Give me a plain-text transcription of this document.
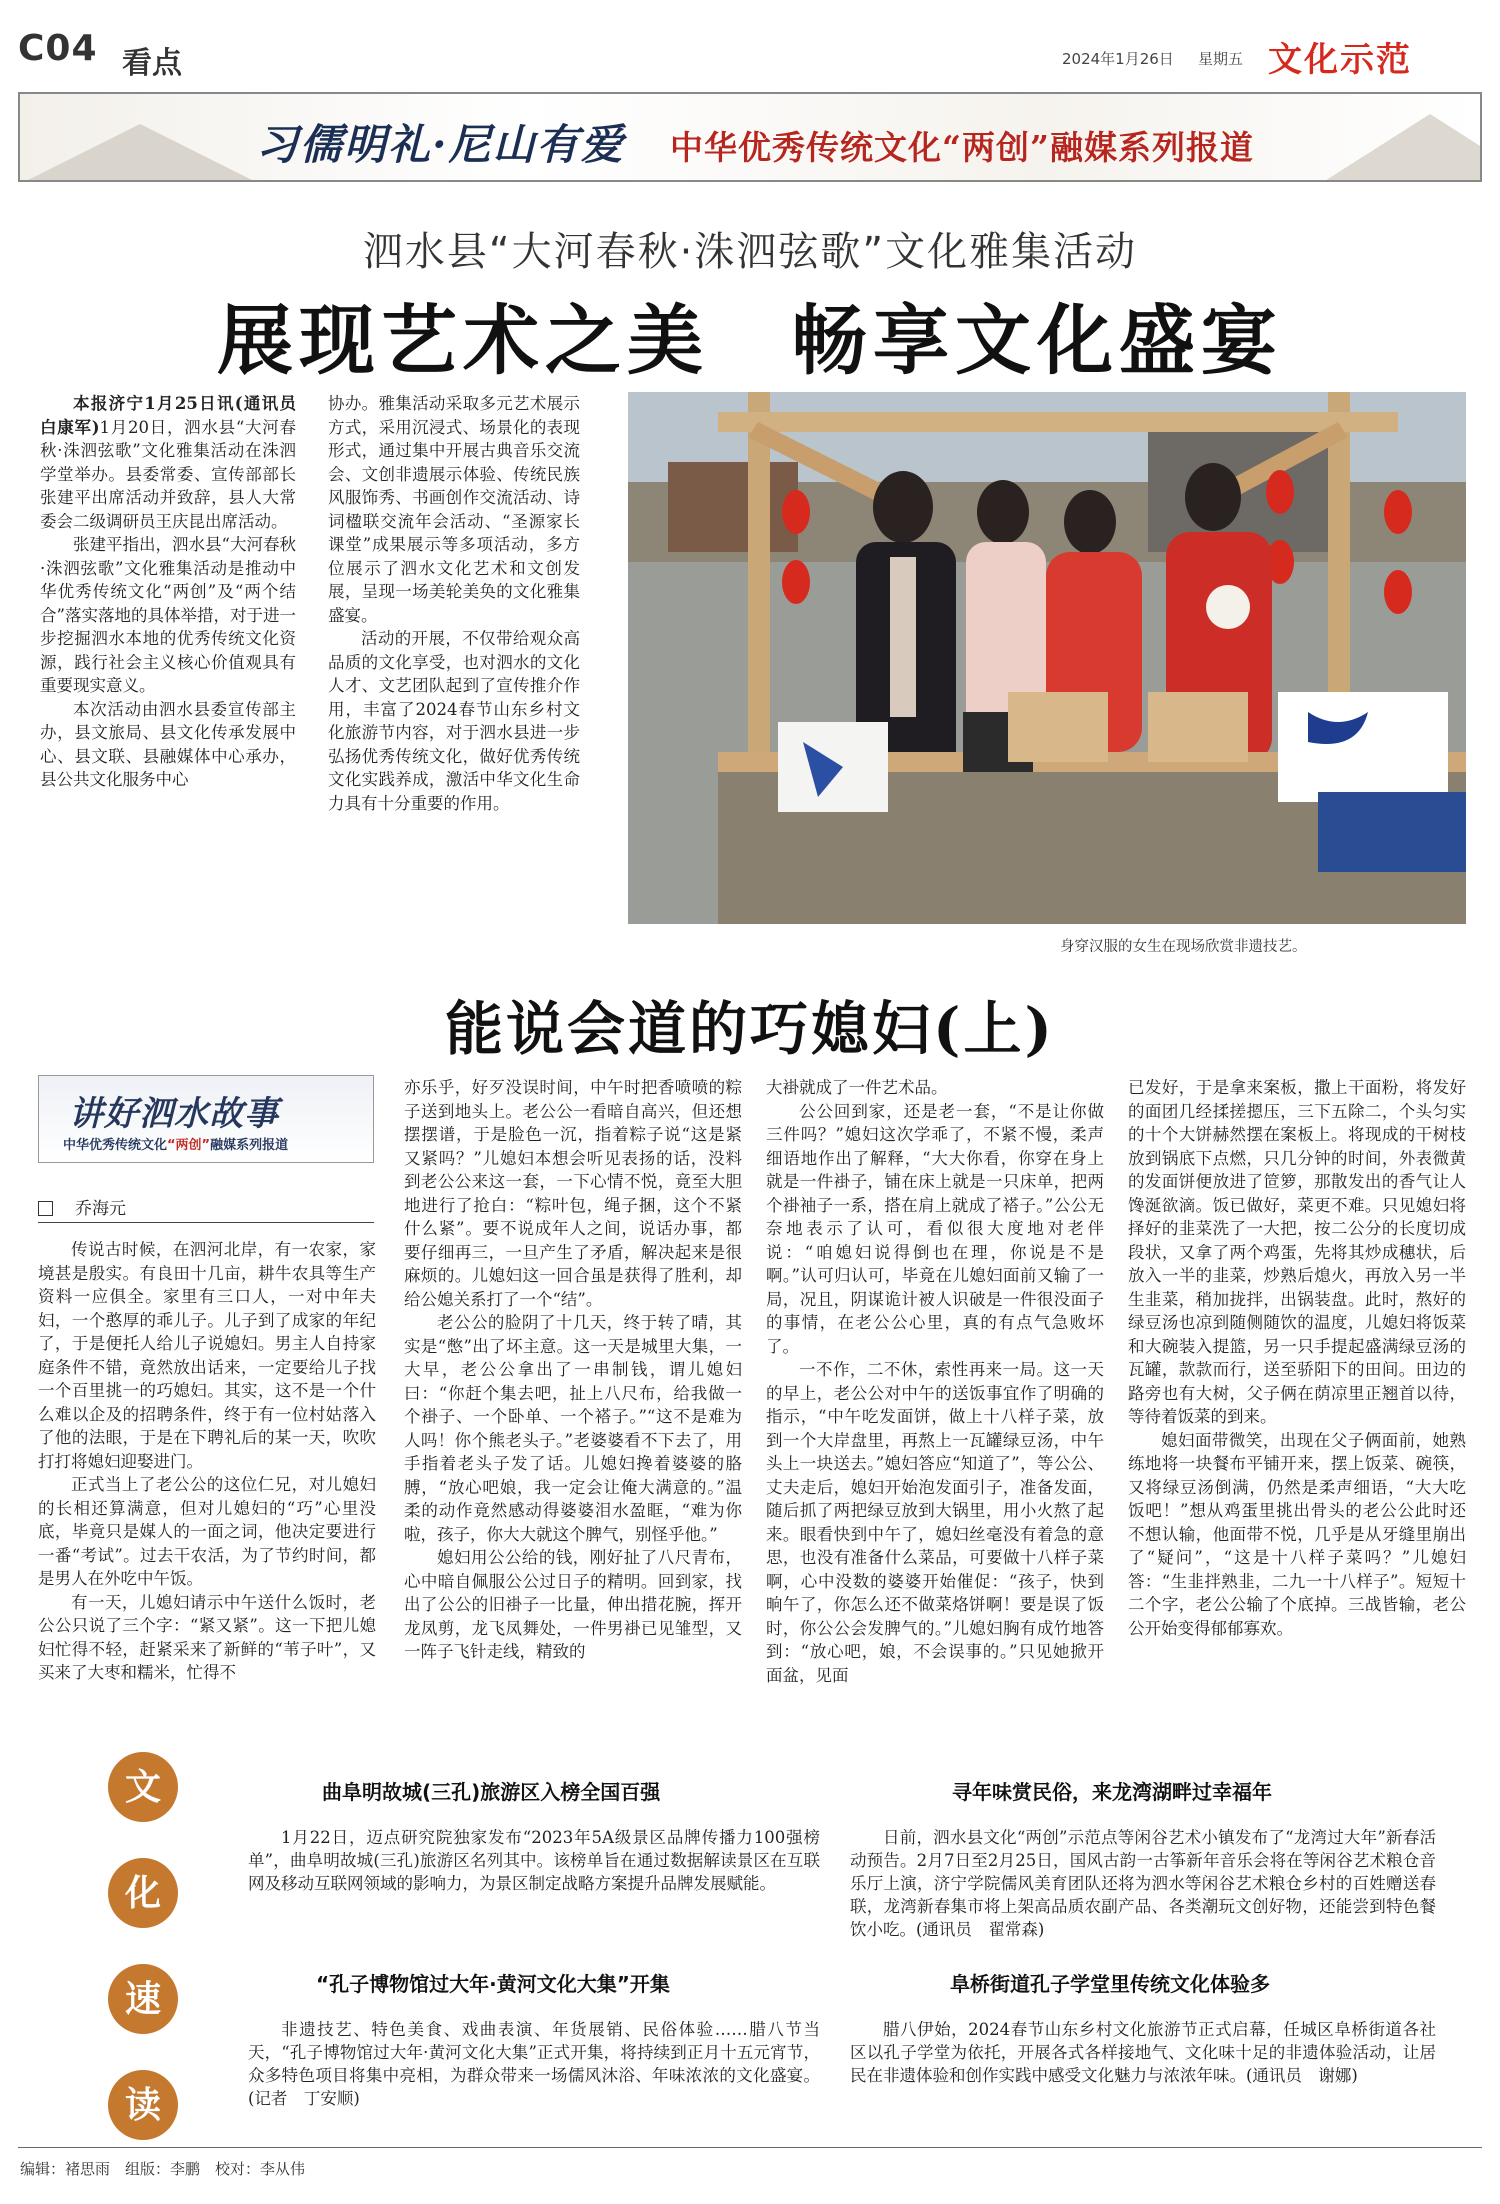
C04 看点	2024年1月26日 星期五 文化示范
习儒明礼·尼山有爱 中华优秀传统文化“两创”融媒系列报道
泗水县“大河春秋·洙泗弦歌”文化雅集活动
展现艺术之美　畅享文化盛宴

本报济宁1月25日讯(通讯员白康军)1月20日，泗水县“大河春秋·洙泗弦歌”文化雅集活动在洙泗学堂举办。县委常委、宣传部部长张建平出席活动并致辞，县人大常委会二级调研员王庆昆出席活动。

张建平指出，泗水县“大河春秋·洙泗弦歌”文化雅集活动是推动中华优秀传统文化“两创”及“两个结合”落实落地的具体举措，对于进一步挖掘泗水本地的优秀传统文化资源，践行社会主义核心价值观具有重要现实意义。

本次活动由泗水县委宣传部主办，县文旅局、县文化传承发展中心、县文联、县融媒体中心承办，县公共文化服务中心

协办。雅集活动采取多元艺术展示方式，采用沉浸式、场景化的表现形式，通过集中开展古典音乐交流会、文创非遗展示体验、传统民族风服饰秀、书画创作交流活动、诗词楹联交流年会活动、“圣源家长课堂”成果展示等多项活动，多方位展示了泗水文化艺术和文创发展，呈现一场美轮美奂的文化雅集盛宴。

活动的开展，不仅带给观众高品质的文化享受，也对泗水的文化人才、文艺团队起到了宣传推介作用，丰富了2024春节山东乡村文化旅游节内容，对于泗水县进一步弘扬优秀传统文化，做好优秀传统文化实践养成，激活中华文化生命力具有十分重要的作用。

身穿汉服的女生在现场欣赏非遗技艺。
能说会道的巧媳妇(上)
讲好泗水故事
中华优秀传统文化“两创”融媒系列报道
乔海元

传说古时候，在泗河北岸，有一农家，家境甚是殷实。有良田十几亩，耕牛农具等生产资料一应俱全。家里有三口人，一对中年夫妇，一个憨厚的乖儿子。儿子到了成家的年纪了，于是便托人给儿子说媳妇。男主人自持家庭条件不错，竟然放出话来，一定要给儿子找一个百里挑一的巧媳妇。其实，这不是一个什么难以企及的招聘条件，终于有一位村姑落入了他的法眼，于是在下聘礼后的某一天，吹吹打打将媳妇迎娶进门。

正式当上了老公公的这位仁兄，对儿媳妇的长相还算满意，但对儿媳妇的“巧”心里没底，毕竟只是媒人的一面之词，他决定要进行一番“考试”。过去干农活，为了节约时间，都是男人在外吃中午饭。

有一天，儿媳妇请示中午送什么饭时，老公公只说了三个字：“紧又紧”。这一下把儿媳妇忙得不轻，赶紧采来了新鲜的“苇子叶”，又买来了大枣和糯米，忙得不

亦乐乎，好歹没误时间，中午时把香喷喷的粽子送到地头上。老公公一看暗自高兴，但还想摆摆谱，于是脸色一沉，指着粽子说“这是紧又紧吗？”儿媳妇本想会听见表扬的话，没料到老公公来这一套，一下心情不悦，竟至大胆地进行了抢白：“粽叶包，绳子捆，这个不紧什么紧”。要不说成年人之间，说话办事，都要仔细再三，一旦产生了矛盾，解决起来是很麻烦的。儿媳妇这一回合虽是获得了胜利，却给公媳关系打了一个“结”。

老公公的脸阴了十几天，终于转了晴，其实是“憋”出了坏主意。这一天是城里大集，一大早，老公公拿出了一串制钱，谓儿媳妇曰：“你赶个集去吧，扯上八尺布，给我做一个褂子、一个卧单、一个褡子。”“这不是难为人吗！你个熊老头子。”老婆婆看不下去了，用手指着老头子发了话。儿媳妇搀着婆婆的胳膊，“放心吧娘，我一定会让俺大满意的。”温柔的动作竟然感动得婆婆泪水盈眶，“难为你啦，孩子，你大大就这个脾气，别怪乎他。”

媳妇用公公给的钱，刚好扯了八尺青布，心中暗自佩服公公过日子的精明。回到家，找出了公公的旧褂子一比量，伸出措花腕，挥开龙凤剪，龙飞凤舞处，一件男褂已见雏型，又一阵子飞针走线，精致的

大褂就成了一件艺术品。

公公回到家，还是老一套，“不是让你做三件吗？”媳妇这次学乖了，不紧不慢，柔声细语地作出了解释，“大大你看，你穿在身上就是一件褂子，铺在床上就是一只床单，把两个褂袖子一系，搭在肩上就成了褡子。”公公无奈地表示了认可，看似很大度地对老伴说：“咱媳妇说得倒也在理，你说是不是啊。”认可归认可，毕竟在儿媳妇面前又输了一局，况且，阴谋诡计被人识破是一件很没面子的事情，在老公公心里，真的有点气急败坏了。

一不作，二不休，索性再来一局。这一天的早上，老公公对中午的送饭事宜作了明确的指示，“中午吃发面饼，做上十八样子菜，放到一个大岸盘里，再熬上一瓦罐绿豆汤，中午头上一块送去。”媳妇答应“知道了”，等公公、丈夫走后，媳妇开始泡发面引子，准备发面，随后抓了两把绿豆放到大锅里，用小火熬了起来。眼看快到中午了，媳妇丝毫没有着急的意思，也没有准备什么菜品，可要做十八样子菜啊，心中没数的婆婆开始催促：“孩子，快到晌午了，你怎么还不做菜烙饼啊！要是误了饭时，你公公会发脾气的。”儿媳妇胸有成竹地答到：“放心吧，娘，不会误事的。”只见她掀开面盆，见面

已发好，于是拿来案板，撒上干面粉，将发好的面团几经揉搓摁压，三下五除二，个头匀实的十个大饼赫然摆在案板上。将现成的干树枝放到锅底下点燃，只几分钟的时间，外表微黄的发面饼便放进了笸箩，那散发出的香气让人馋涎欲滴。饭已做好，菜更不难。只见媳妇将择好的韭菜洗了一大把，按二公分的长度切成段状，又拿了两个鸡蛋，先将其炒成穗状，后放入一半的韭菜，炒熟后熄火，再放入另一半生韭菜，稍加拢拌，出锅装盘。此时，熬好的绿豆汤也凉到随侧随饮的温度，儿媳妇将饭菜和大碗装入提篮，另一只手提起盛满绿豆汤的瓦罐，款款而行，送至骄阳下的田间。田边的路旁也有大树，父子俩在荫凉里正翘首以待，等待着饭菜的到来。

媳妇面带微笑，出现在父子俩面前，她熟练地将一块餐布平铺开来，摆上饭菜、碗筷，又将绿豆汤倒满，仍然是柔声细语，“大大吃饭吧！”想从鸡蛋里挑出骨头的老公公此时还不想认输，他面带不悦，几乎是从牙缝里崩出了“疑问”，“这是十八样子菜吗？”儿媳妇答：“生韭拌熟韭，二九一十八样子”。短短十二个字，老公公输了个底掉。三战皆输，老公公开始变得郁郁寡欢。

文
化
速
读
曲阜明故城(三孔)旅游区入榜全国百强

1月22日，迈点研究院独家发布“2023年5A级景区品牌传播力100强榜单”，曲阜明故城(三孔)旅游区名列其中。该榜单旨在通过数据解读景区在互联网及移动互联网领域的影响力，为景区制定战略方案提升品牌发展赋能。

寻年味赏民俗，来龙湾湖畔过幸福年

日前，泗水县文化“两创”示范点等闲谷艺术小镇发布了“龙湾过大年”新春活动预告。2月7日至2月25日，国风古韵一古筝新年音乐会将在等闲谷艺术粮仓音乐厅上演，济宁学院儒风美育团队还将为泗水等闲谷艺术粮仓乡村的百姓赠送春联，龙湾新春集市将上架高品质农副产品、各类潮玩文创好物，还能尝到特色餐饮小吃。(通讯员　翟常森)

“孔子博物馆过大年·黄河文化大集”开集

非遗技艺、特色美食、戏曲表演、年货展销、民俗体验……腊八节当天，“孔子博物馆过大年·黄河文化大集”正式开集，将持续到正月十五元宵节，众多特色项目将集中亮相，为群众带来一场儒风沐浴、年味浓浓的文化盛宴。(记者　丁安顺)

阜桥街道孔子学堂里传统文化体验多

腊八伊始，2024春节山东乡村文化旅游节正式启幕，任城区阜桥街道各社区以孔子学堂为依托，开展各式各样接地气、文化味十足的非遗体验活动，让居民在非遗体验和创作实践中感受文化魅力与浓浓年味。(通讯员　谢娜)

编辑：褚思雨　组版：李鹏　校对：李从伟
